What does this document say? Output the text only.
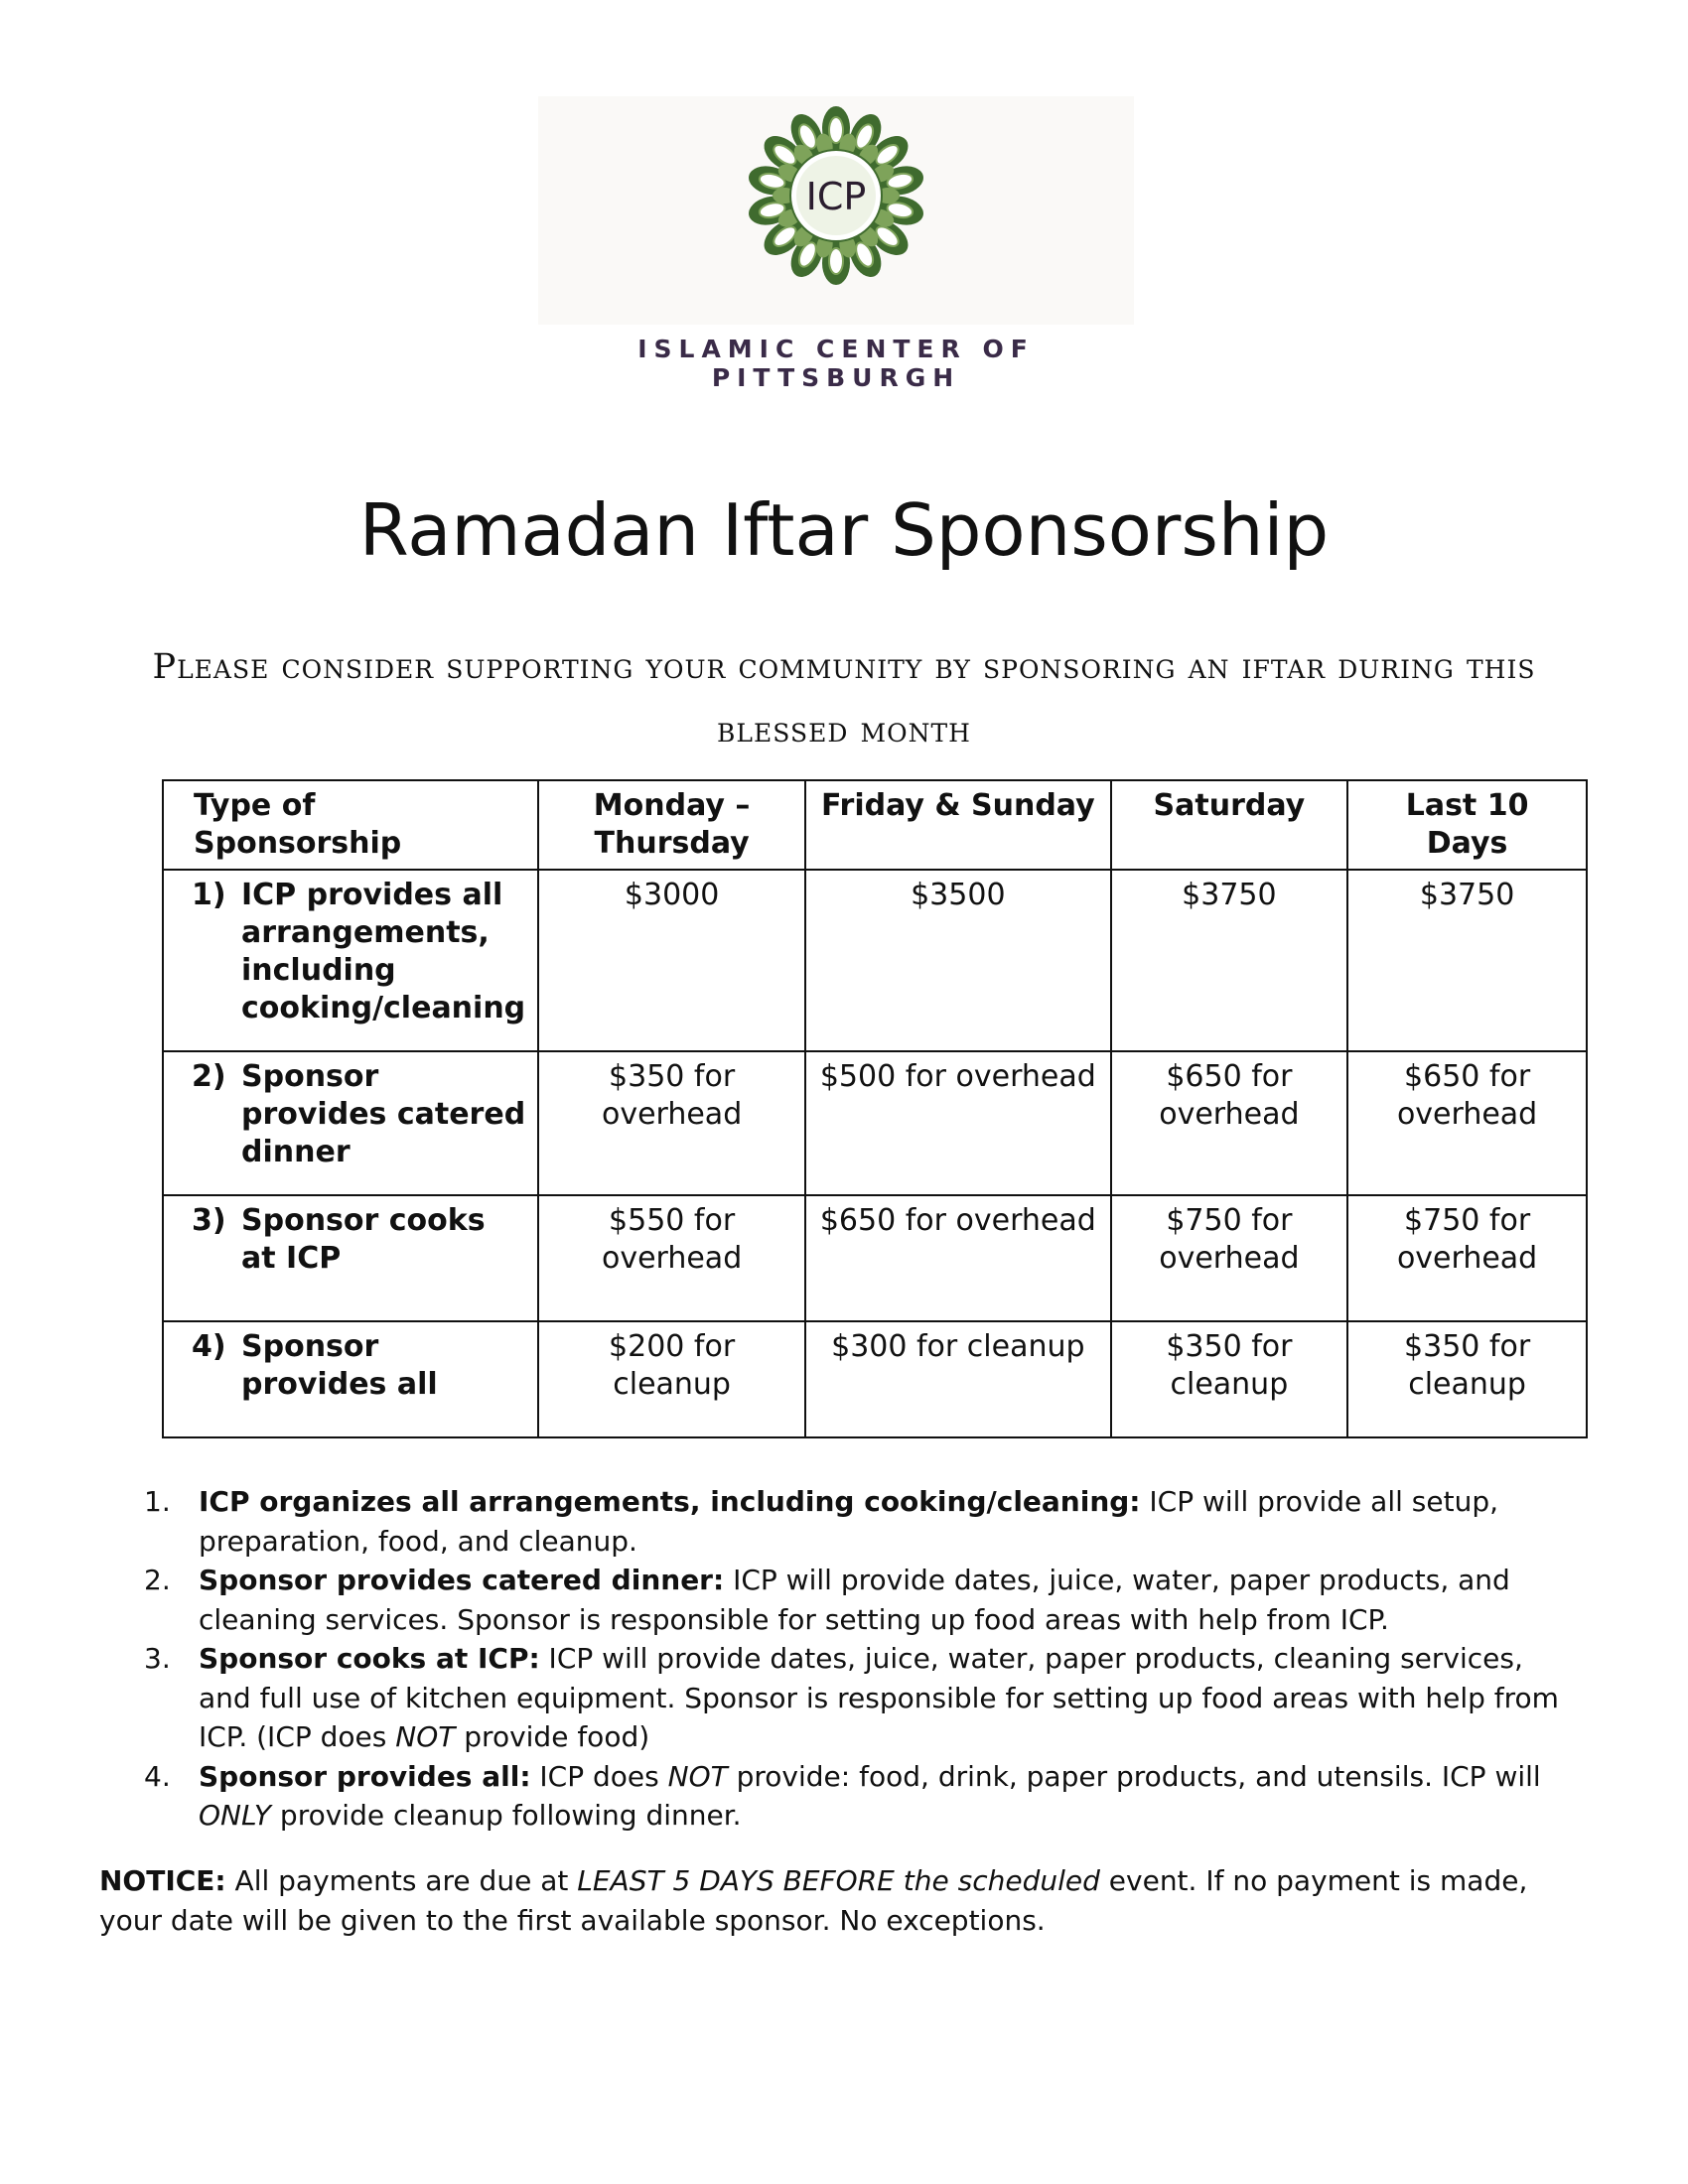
ICP
ISLAMIC CENTER OF PITTSBURGH
Ramadan Iftar Sponsorship
Please consider supporting your community by sponsoring an iftar during this blessed month
Type of Sponsorship	Monday – Thursday	Friday & Sunday	Saturday	Last 10 Days

1) ICP provides all arrangements, including cooking/cleaning	$3000	$3500	$3750	$3750

2) Sponsor provides catered dinner	$350 for overhead	$500 for overhead	$650 for overhead	$650 for overhead

3) Sponsor cooks at ICP	$550 for overhead	$650 for overhead	$750 for overhead	$750 for overhead

4) Sponsor provides all	$200 for cleanup	$300 for cleanup	$350 for cleanup	$350 for cleanup
1. ICP organizes all arrangements, including cooking/cleaning: ICP will provide all setup, preparation, food, and cleanup.
2. Sponsor provides catered dinner: ICP will provide dates, juice, water, paper products, and cleaning services. Sponsor is responsible for setting up food areas with help from ICP.
3. Sponsor cooks at ICP: ICP will provide dates, juice, water, paper products, cleaning services, and full use of kitchen equipment. Sponsor is responsible for setting up food areas with help from ICP. (ICP does NOT provide food)
4. Sponsor provides all: ICP does NOT provide: food, drink, paper products, and utensils. ICP will ONLY provide cleanup following dinner.
NOTICE: All payments are due at LEAST 5 DAYS BEFORE the scheduled event. If no payment is made, your date will be given to the first available sponsor. No exceptions.
